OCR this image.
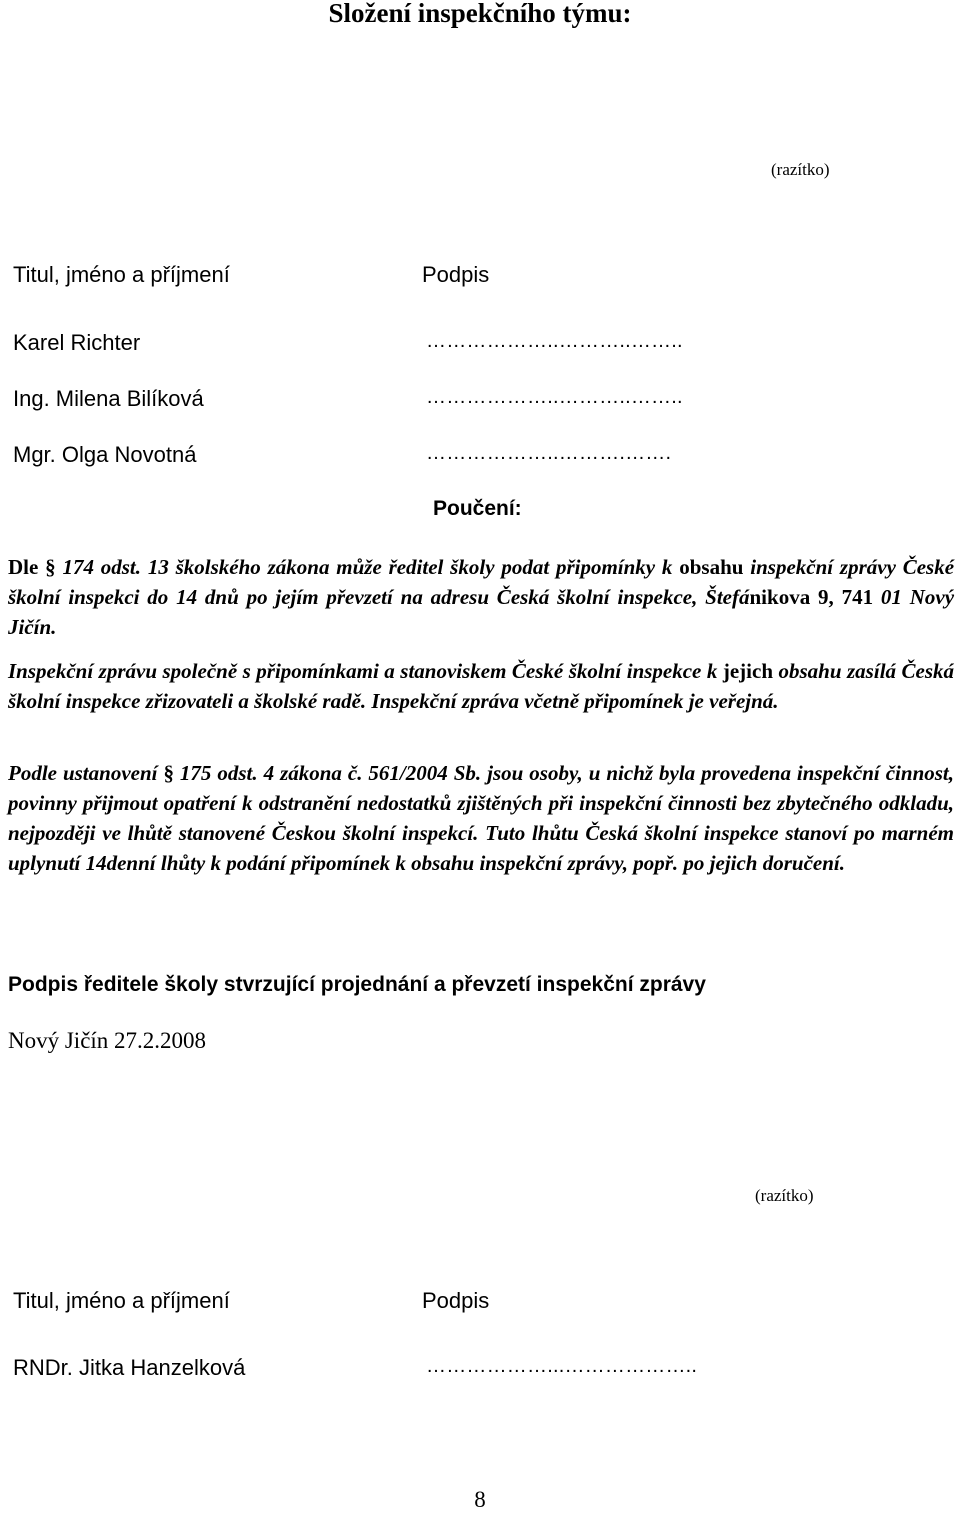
Složení inspekčního týmu:
(razítko)
Titul, jméno a příjmení	Podpis
Karel Richter	………………..………..……..
Ing. Milena Bilíková	………………..………..……..
Mgr. Olga Novotná	………………..……….…….
Poučení:
Dle § 174 odst. 13 školského zákona může ředitel školy podat připomínky k obsahu inspekční zprávy České školní inspekci do 14 dnů po jejím převzetí na adresu Česká školní inspekce, Štefánikova 9, 741 01 Nový Jičín.
Inspekční zprávu společně s připomínkami a stanoviskem České školní inspekce k jejich obsahu zasílá Česká školní inspekce zřizovateli a školské radě. Inspekční zpráva včetně připomínek je veřejná.
Podle ustanovení § 175 odst. 4 zákona č. 561/2004 Sb. jsou osoby, u nichž byla provedena inspekční činnost, povinny přijmout opatření k odstranění nedostatků zjištěných při inspekční činnosti bez zbytečného odkladu, nejpozději ve lhůtě stanovené Českou školní inspekcí. Tuto lhůtu Česká školní inspekce stanoví po marném uplynutí 14denní lhůty k podání připomínek k obsahu inspekční zprávy, popř. po jejich doručení.
Podpis ředitele školy stvrzující projednání a převzetí inspekční zprávy
Nový Jičín 27.2.2008
(razítko)
Titul, jméno a příjmení	Podpis
RNDr. Jitka Hanzelková	………………...………………..
8
